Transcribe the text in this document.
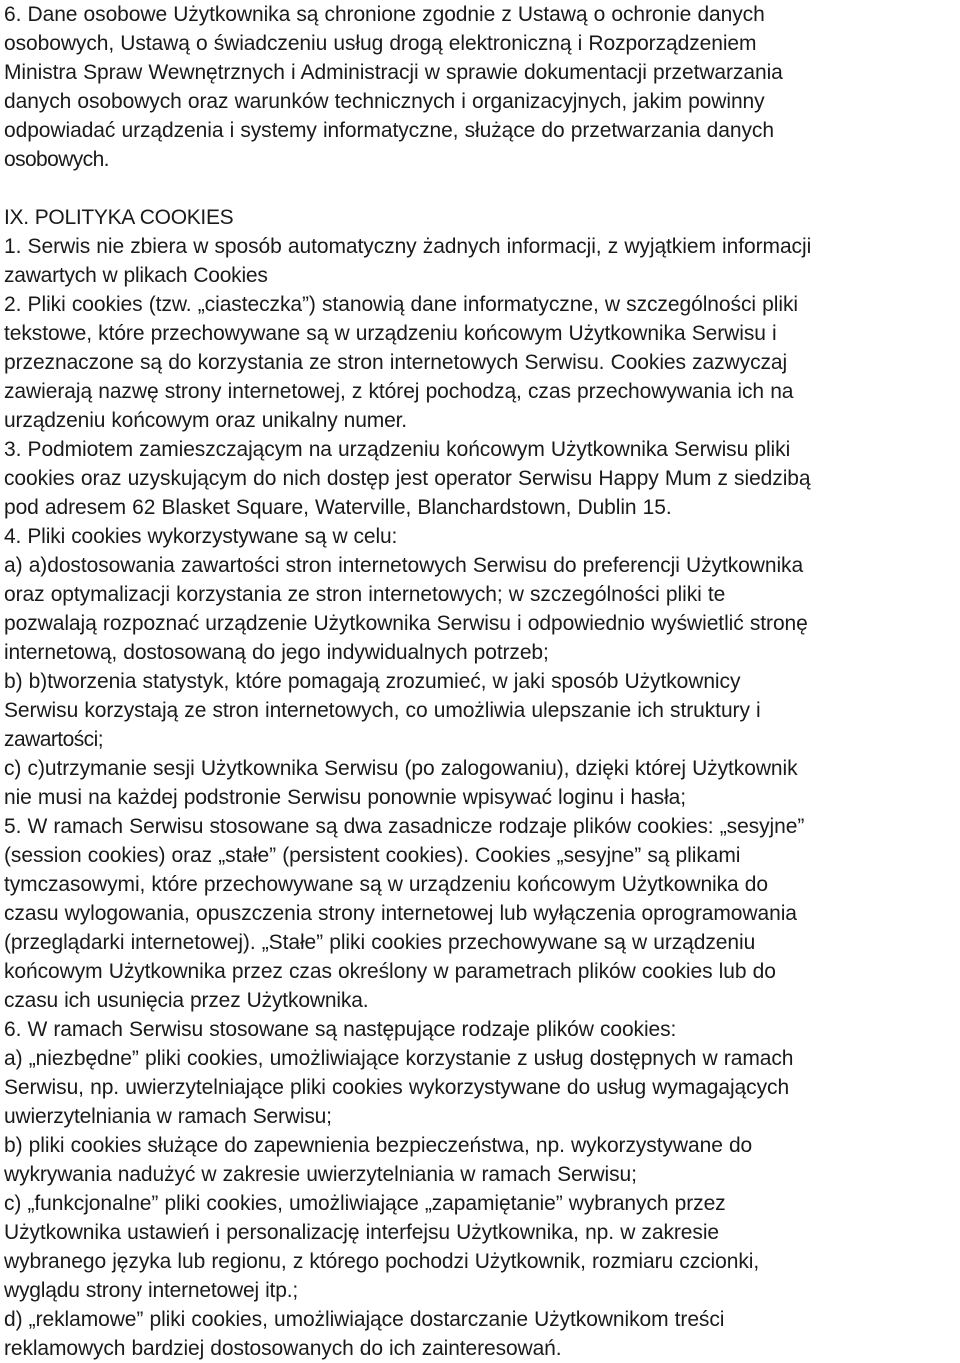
6. Dane osobowe Użytkownika są chronione zgodnie z Ustawą o ochronie danych
osobowych, Ustawą o świadczeniu usług drogą elektroniczną i Rozporządzeniem
Ministra Spraw Wewnętrznych i Administracji w sprawie dokumentacji przetwarzania
danych osobowych oraz warunków technicznych i organizacyjnych, jakim powinny
odpowiadać urządzenia i systemy informatyczne, służące do przetwarzania danych
osobowych.
IX. POLITYKA COOKIES
1. Serwis nie zbiera w sposób automatyczny żadnych informacji, z wyjątkiem informacji
zawartych w plikach Cookies
2. Pliki cookies (tzw. „ciasteczka”) stanowią dane informatyczne, w szczególności pliki
tekstowe, które przechowywane są w urządzeniu końcowym Użytkownika Serwisu i
przeznaczone są do korzystania ze stron internetowych Serwisu. Cookies zazwyczaj
zawierają nazwę strony internetowej, z której pochodzą, czas przechowywania ich na
urządzeniu końcowym oraz unikalny numer.
3. Podmiotem zamieszczającym na urządzeniu końcowym Użytkownika Serwisu pliki
cookies oraz uzyskującym do nich dostęp jest operator Serwisu Happy Mum z siedzibą
pod adresem 62 Blasket Square, Waterville, Blanchardstown, Dublin 15.
4. Pliki cookies wykorzystywane są w celu:
a) a)dostosowania zawartości stron internetowych Serwisu do preferencji Użytkownika
oraz optymalizacji korzystania ze stron internetowych; w szczególności pliki te
pozwalają rozpoznać urządzenie Użytkownika Serwisu i odpowiednio wyświetlić stronę
internetową, dostosowaną do jego indywidualnych potrzeb;
b) b)tworzenia statystyk, które pomagają zrozumieć, w jaki sposób Użytkownicy
Serwisu korzystają ze stron internetowych, co umożliwia ulepszanie ich struktury i
zawartości;
c) c)utrzymanie sesji Użytkownika Serwisu (po zalogowaniu), dzięki której Użytkownik
nie musi na każdej podstronie Serwisu ponownie wpisywać loginu i hasła;
5. W ramach Serwisu stosowane są dwa zasadnicze rodzaje plików cookies: „sesyjne”
(session cookies) oraz „stałe” (persistent cookies). Cookies „sesyjne” są plikami
tymczasowymi, które przechowywane są w urządzeniu końcowym Użytkownika do
czasu wylogowania, opuszczenia strony internetowej lub wyłączenia oprogramowania
(przeglądarki internetowej). „Stałe” pliki cookies przechowywane są w urządzeniu
końcowym Użytkownika przez czas określony w parametrach plików cookies lub do
czasu ich usunięcia przez Użytkownika.
6. W ramach Serwisu stosowane są następujące rodzaje plików cookies:
a) „niezbędne” pliki cookies, umożliwiające korzystanie z usług dostępnych w ramach
Serwisu, np. uwierzytelniające pliki cookies wykorzystywane do usług wymagających
uwierzytelniania w ramach Serwisu;
b) pliki cookies służące do zapewnienia bezpieczeństwa, np. wykorzystywane do
wykrywania nadużyć w zakresie uwierzytelniania w ramach Serwisu;
c) „funkcjonalne” pliki cookies, umożliwiające „zapamiętanie” wybranych przez
Użytkownika ustawień i personalizację interfejsu Użytkownika, np. w zakresie
wybranego języka lub regionu, z którego pochodzi Użytkownik, rozmiaru czcionki,
wyglądu strony internetowej itp.;
d) „reklamowe” pliki cookies, umożliwiające dostarczanie Użytkownikom treści
reklamowych bardziej dostosowanych do ich zainteresowań.
